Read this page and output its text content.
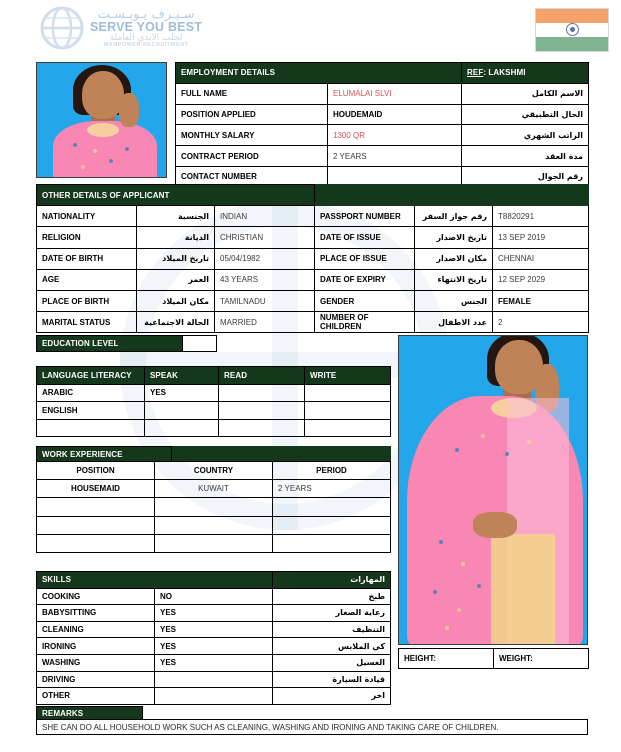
سـيـرف يـوبـسـت
SERVE YOU BEST
لجلب الايدي العاملة
MANPOWER RECRUITMENT
EMPLOYMENT DETAILS		REF: LAKSHMI
FULL NAME	ELUMALAI SLVI	الاسم الكامل
POSITION APPLIED	HOUDEMAID	الحال التطبيقي
MONTHLY SALARY	1300 QR	الراتب الشهري
CONTRACT PERIOD	2 YEARS	مدة العقد
CONTACT NUMBER		رقم الجوال
OTHER DETAILS OF APPLICANT					
NATIONALITY	الجنسية	INDIAN	PASSPORT NUMBER	رقم جواز السفر	T8820291
RELIGION	الديانة	CHRISTIAN	DATE OF ISSUE	تاريخ الاصدار	13 SEP 2019
DATE OF BIRTH	تاريخ الميلاد	05/04/1982	PLACE OF ISSUE	مكان الاصدار	CHENNAI
AGE	العمر	43 YEARS	DATE OF EXPIRY	تاريخ الانتهاء	12 SEP 2029
PLACE OF BIRTH	مكان الميلاد	TAMILNADU	GENDER	الجنس	FEMALE
MARITAL STATUS	الحالة الاجتماعية	MARRIED	NUMBER OF CHILDREN	عدد الاطفال	2
EDUCATION LEVEL	
LANGUAGE LITERACY	SPEAK	READ	WRITE
ARABIC	YES		
ENGLISH			

WORK EXPERIENCE	
POSITION	COUNTRY	PERIOD
HOUSEMAID	KUWAIT	2 YEARS

SKILLS		المهارات
COOKING	NO	طبخ
BABYSITTING	YES	رعاية الصغار
CLEANING	YES	التنظيف
IRONING	YES	كي الملابس
WASHING	YES	الغسيل
DRIVING		قيادة السيارة
OTHER		اخر
HEIGHT:	WEIGHT:
REMARKS
SHE CAN DO ALL HOUSEHOLD WORK SUCH AS CLEANING, WASHING AND IRONING AND TAKING CARE OF CHILDREN.
